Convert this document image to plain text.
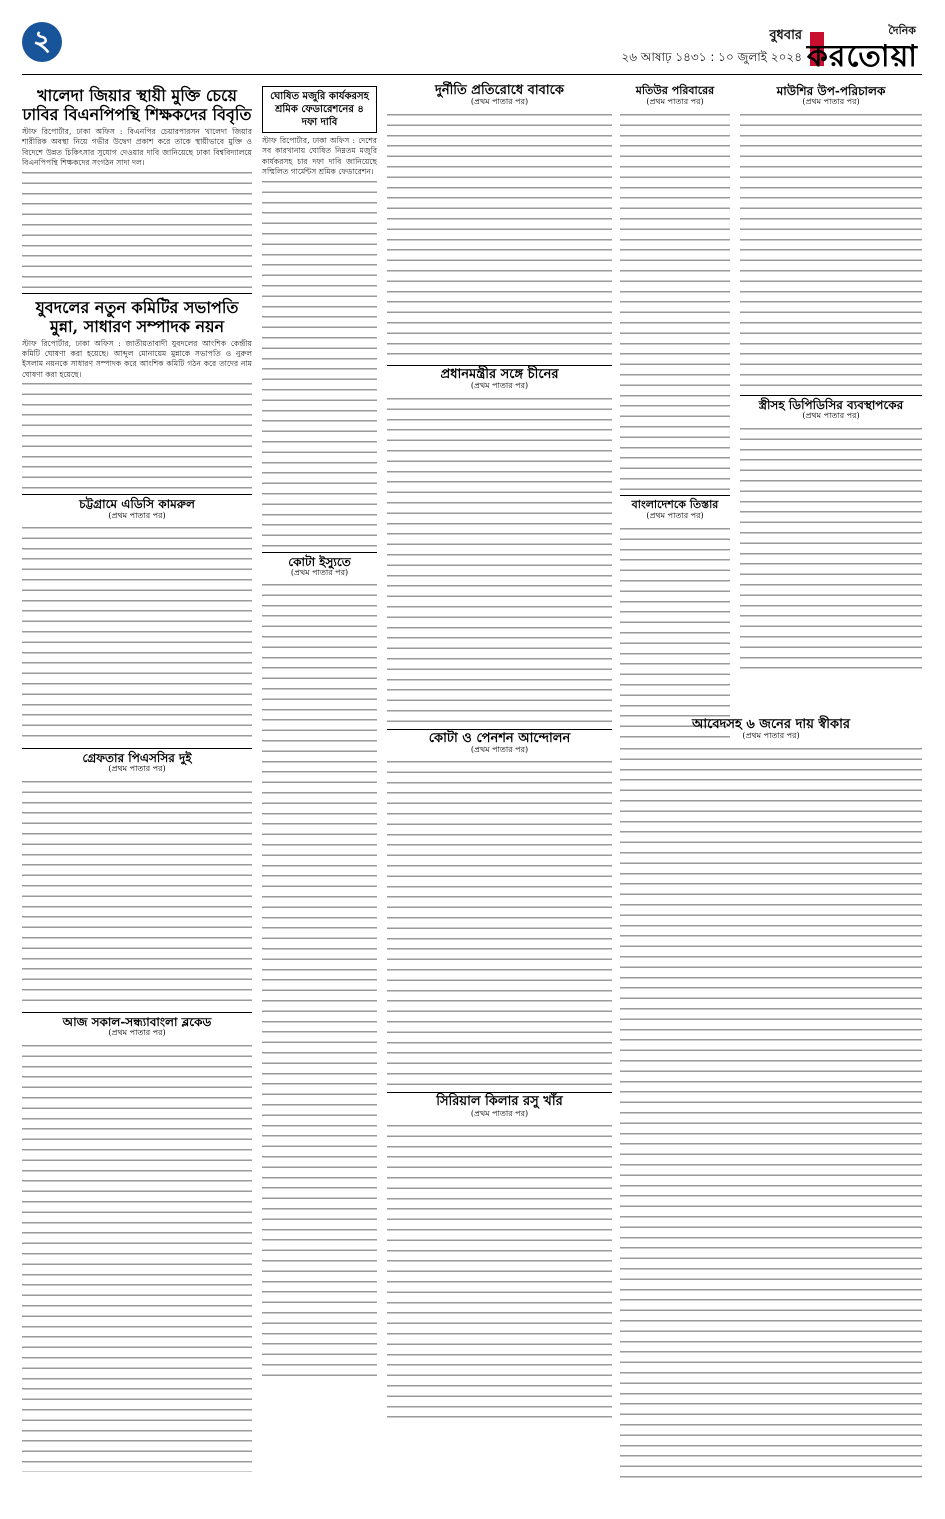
২	বুধবার
২৬ আষাঢ় ১৪৩১ : ১০ জুলাই ২০২৪
দৈনিক
করতোয়া
খালেদা জিয়ার স্থায়ী মুক্তি চেয়ে ঢাবির বিএনপিপন্থি শিক্ষকদের বিবৃতি
স্টাফ রিপোর্টার, ঢাকা অফিস : বিএনপির চেয়ারপারসন খালেদা জিয়ার শারীরিক অবস্থা নিয়ে গভীর উদ্বেগ প্রকাশ করে তাকে স্থায়ীভাবে মুক্তি ও বিদেশে উন্নত চিকিৎসার সুযোগ দেওয়ার দাবি জানিয়েছে ঢাকা বিশ্ববিদ্যালয়ে বিএনপিপন্থি শিক্ষকদের সংগঠন সাদা দল।
যুবদলের নতুন কমিটির সভাপতি মুন্না, সাধারণ সম্পাদক নয়ন
স্টাফ রিপোর্টার, ঢাকা অফিস : জাতীয়তাবাদী যুবদলের আংশিক কেন্দ্রীয় কমিটি ঘোষণা করা হয়েছে। আব্দুল মোনায়েম মুন্নাকে সভাপতি ও নুরুল ইসলাম নয়নকে সাধারণ সম্পাদক করে আংশিক কমিটি গঠন করে তাদের নাম ঘোষণা করা হয়েছে।
চট্টগ্রামে এডিসি কামরুল
(প্রথম পাতার পর)
গ্রেফতার পিএসসির দুই
(প্রথম পাতার পর)
আজ সকাল-সন্ধ্যাবাংলা ব্লকেড
(প্রথম পাতার পর)
ঘোষিত মজুরি কার্যকরসহ শ্রমিক ফেডারেশনের ৪ দফা দাবি
স্টাফ রিপোর্টার, ঢাকা অফিস : দেশের সব কারখানায় ঘোষিত নিম্নতম মজুরি কার্যকরসহ চার দফা দাবি জানিয়েছে সম্মিলিত গার্মেন্টস শ্রমিক ফেডারেশন।
কোটা ইস্যুতে
(প্রথম পাতার পর)
দুর্নীতি প্রতিরোধে বাবাকে
(প্রথম পাতার পর)
প্রধানমন্ত্রীর সঙ্গে চীনের
(প্রথম পাতার পর)
কোটা ও পেনশন আন্দোলন
(প্রথম পাতার পর)
সিরিয়াল কিলার রসু খাঁর
(প্রথম পাতার পর)
মতিউর পরিবারের
(প্রথম পাতার পর)
বাংলাদেশকে তিস্তার
(প্রথম পাতার পর)
মাউশির উপ-পরিচালক
(প্রথম পাতার পর)
স্ত্রীসহ ডিপিডিসির ব্যবস্থাপকের
(প্রথম পাতার পর)
আবেদসহ ৬ জনের দায় স্বীকার
(প্রথম পাতার পর)
